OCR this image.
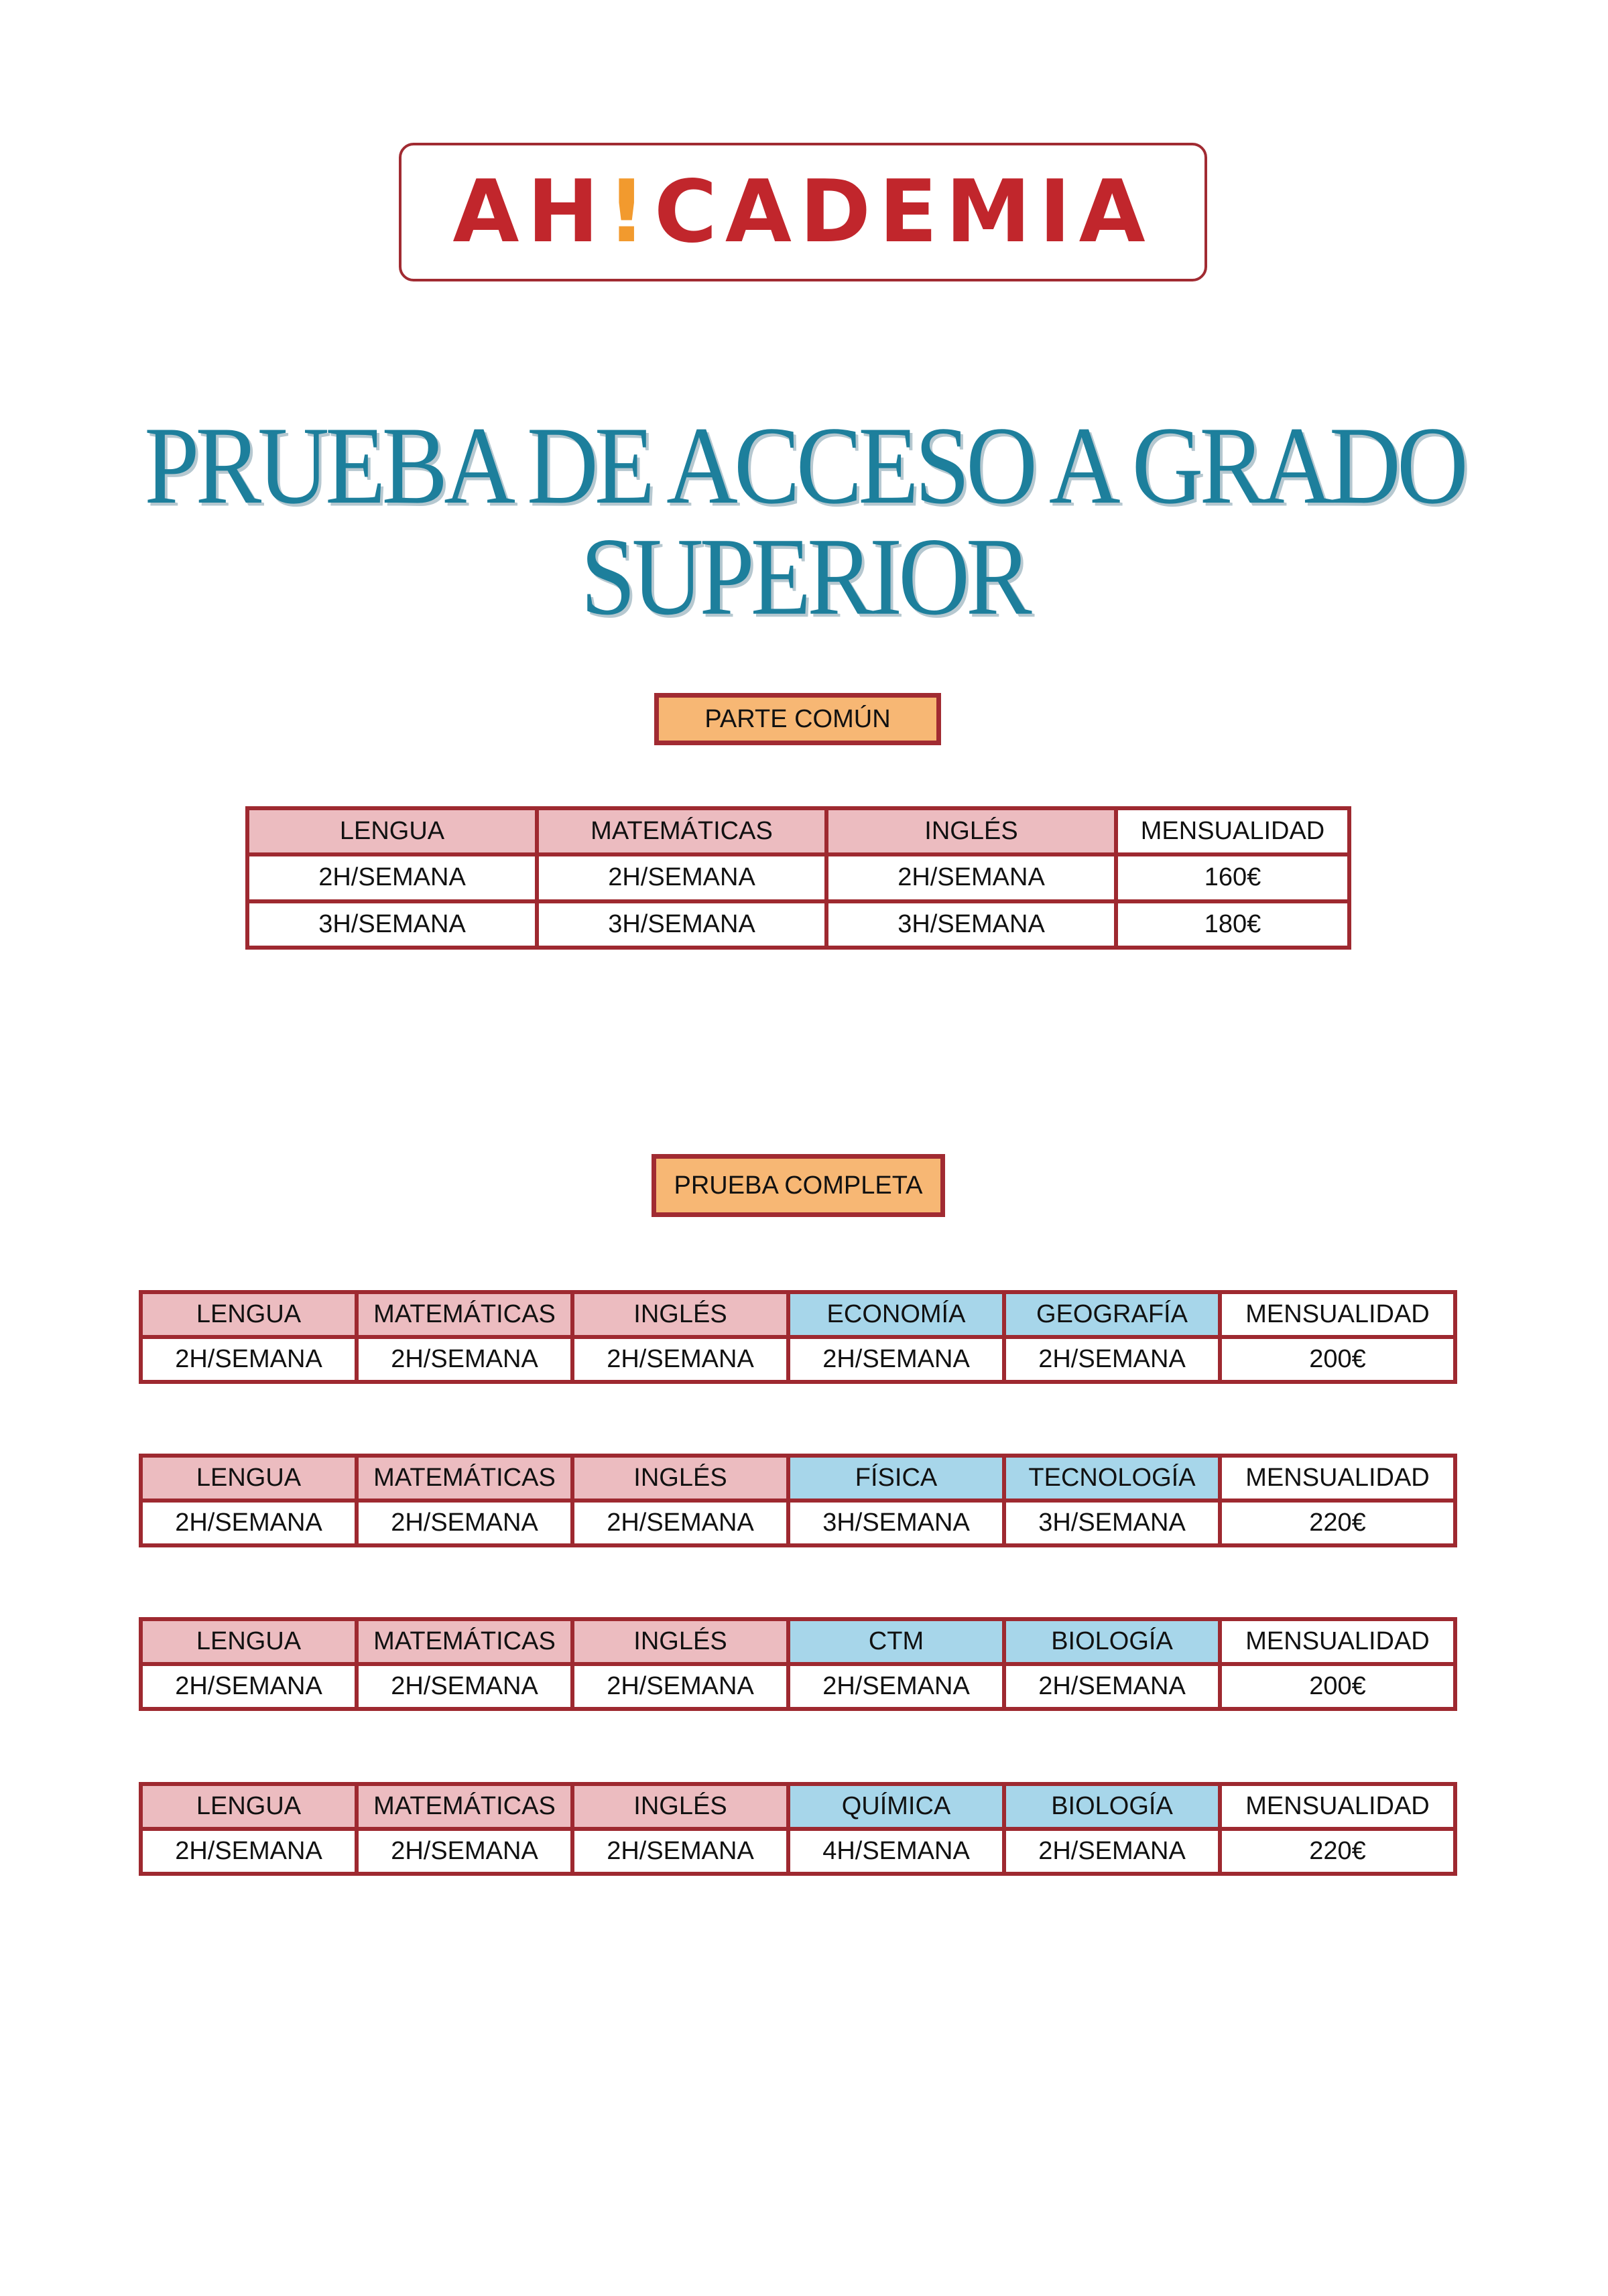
AH!CADEMIA
PRUEBA DE ACCESO A GRADO SUPERIOR
PARTE COMÚN
LENGUA	MATEMÁTICAS	INGLÉS	MENSUALIDAD
2H/SEMANA	2H/SEMANA	2H/SEMANA	160€
3H/SEMANA	3H/SEMANA	3H/SEMANA	180€
PRUEBA COMPLETA
LENGUA	MATEMÁTICAS	INGLÉS	ECONOMÍA	GEOGRAFÍA	MENSUALIDAD
2H/SEMANA	2H/SEMANA	2H/SEMANA	2H/SEMANA	2H/SEMANA	200€
LENGUA	MATEMÁTICAS	INGLÉS	FÍSICA	TECNOLOGÍA	MENSUALIDAD
2H/SEMANA	2H/SEMANA	2H/SEMANA	3H/SEMANA	3H/SEMANA	220€
LENGUA	MATEMÁTICAS	INGLÉS	CTM	BIOLOGÍA	MENSUALIDAD
2H/SEMANA	2H/SEMANA	2H/SEMANA	2H/SEMANA	2H/SEMANA	200€
LENGUA	MATEMÁTICAS	INGLÉS	QUÍMICA	BIOLOGÍA	MENSUALIDAD
2H/SEMANA	2H/SEMANA	2H/SEMANA	4H/SEMANA	2H/SEMANA	220€
